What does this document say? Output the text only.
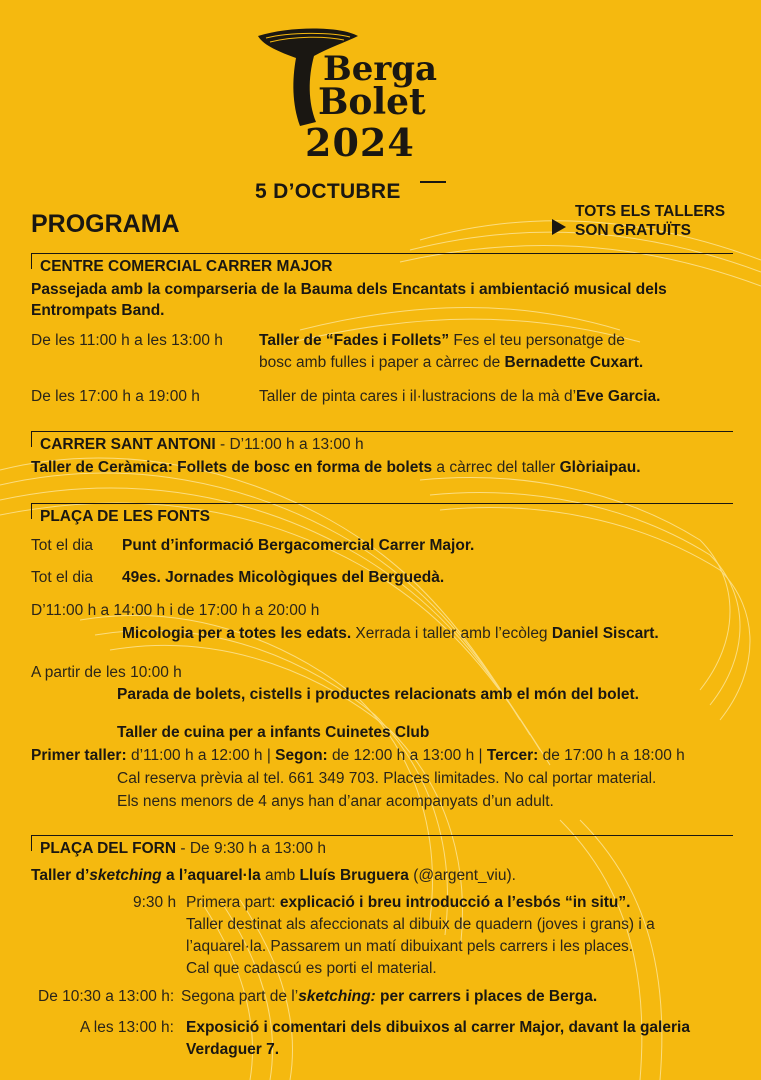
Berga
Bolet
2024
5 D’OCTUBRE
PROGRAMA	TOTS ELS TALLERS
SON GRATUÏTS
CENTRE COMERCIAL CARRER MAJOR
Passejada amb la comparseria de la Bauma dels Encantats i ambientació musical dels
Entrompats Band.
De les 11:00 h a les 13:00 h Taller de “Fades i Follets” Fes el teu personatge de
bosc amb fulles i paper a càrrec de Bernadette Cuxart.
De les 17:00 h a 19:00 h	Taller de pinta cares i il·lustracions de la mà d’Eve Garcia.
CARRER SANT ANTONI - D’11:00 h a 13:00 h
Taller de Ceràmica: Follets de bosc en forma de bolets a càrrec del taller Glòriaipau.
PLAÇA DE LES FONTS
Tot el dia Punt d’informació Bergacomercial Carrer Major.
Tot el dia 49es. Jornades Micològiques del Berguedà.
D’11:00 h a 14:00 h i de 17:00 h a 20:00 h
Micologia per a totes les edats. Xerrada i taller amb l’ecòleg Daniel Siscart.
A partir de les 10:00 h
Parada de bolets, cistells i productes relacionats amb el món del bolet.
Taller de cuina per a infants Cuinetes Club
Primer taller: d’11:00 h a 12:00 h | Segon: de 12:00 h a 13:00 h | Tercer: de 17:00 h a 18:00 h
Cal reserva prèvia al tel. 661 349 703. Places limitades. No cal portar material.
Els nens menors de 4 anys han d’anar acompanyats d’un adult.
PLAÇA DEL FORN - De 9:30 h a 13:00 h
Taller d’sketching a l’aquarel·la amb Lluís Bruguera (@argent_viu).
9:30 h Primera part: explicació i breu introducció a l’esbós “in situ”.
Taller destinat als afeccionats al dibuix de quadern (joves i grans) i a
l’aquarel·la. Passarem un matí dibuixant pels carrers i les places.
Cal que cadascú es porti el material.
De 10:30 a 13:00 h: Segona part de l’sketching: per carrers i places de Berga.
A les 13:00 h: Exposició i comentari dels dibuixos al carrer Major, davant la galeria
Verdaguer 7.
